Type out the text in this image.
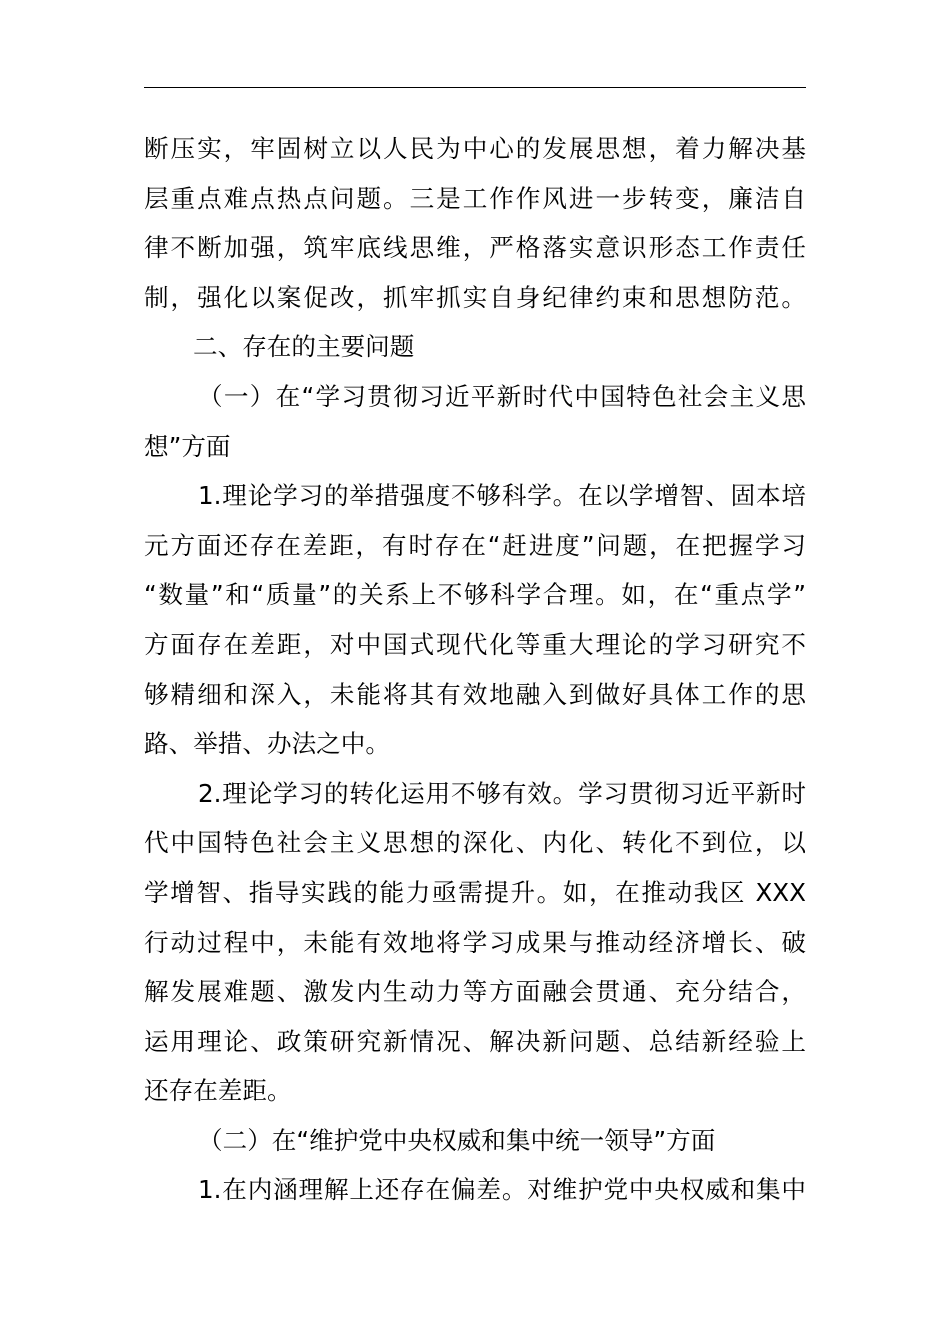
断压实，牢固树立以人民为中心的发展思想，着力解决基
层重点难点热点问题。三是工作作风进一步转变，廉洁自
律不断加强，筑牢底线思维，严格落实意识形态工作责任
制，强化以案促改，抓牢抓实自身纪律约束和思想防范。
二、存在的主要问题
（一）在“学习贯彻习近平新时代中国特色社会主义思
想”方面
1.理论学习的举措强度不够科学。在以学增智、固本培
元方面还存在差距，有时存在“赶进度”问题，在把握学习
“数量”和“质量”的关系上不够科学合理。如，在“重点学”
方面存在差距，对中国式现代化等重大理论的学习研究不
够精细和深入，未能将其有效地融入到做好具体工作的思
路、举措、办法之中。
2.理论学习的转化运用不够有效。学习贯彻习近平新时
代中国特色社会主义思想的深化、内化、转化不到位，以
学增智、指导实践的能力亟需提升。如，在推动我区 XXX
行动过程中，未能有效地将学习成果与推动经济增长、破
解发展难题、激发内生动力等方面融会贯通、充分结合，
运用理论、政策研究新情况、解决新问题、总结新经验上
还存在差距。
（二）在“维护党中央权威和集中统一领导”方面
1.在内涵理解上还存在偏差。对维护党中央权威和集中
